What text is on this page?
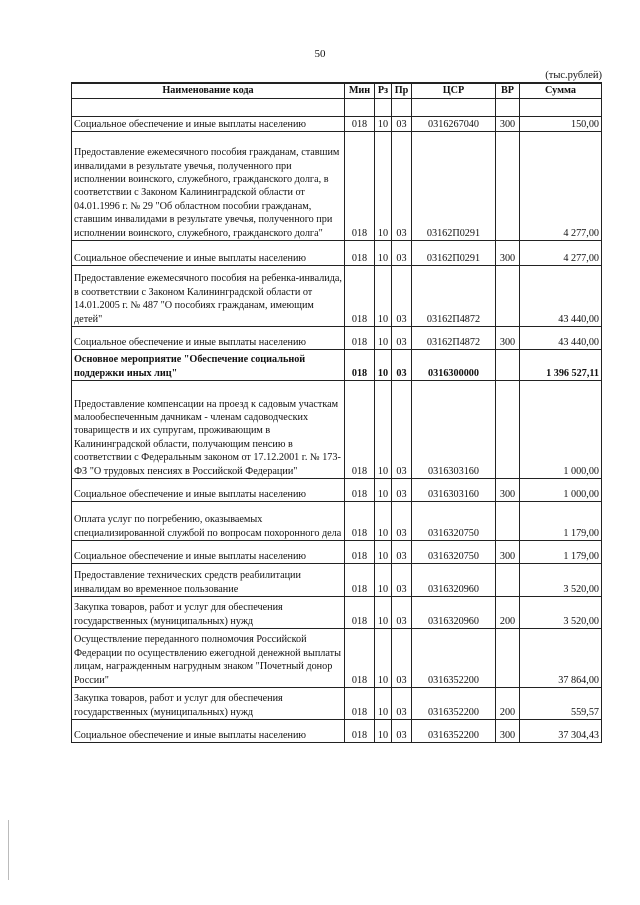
50
(тыс.рублей)
Наименование кода	Мин	Рз	Пр	ЦСР	ВР	Сумма

Социальное обеспечение и иные выплаты населению	018	10	03	0316267040	300	150,00
Предоставление ежемесячного пособия гражданам, ставшим инвалидами в результате увечья, полученного при исполнении воинского, служебного, гражданского долга, в соответствии с Законом Калининградской области от 04.01.1996 г. № 29 "Об областном пособии гражданам, ставшим инвалидами в результате увечья, полученного при исполнении воинского, служебного, гражданского долга"	018	10	03	03162П0291		4 277,00
Социальное обеспечение и иные выплаты населению	018	10	03	03162П0291	300	4 277,00
Предоставление ежемесячного пособия на ребенка-инвалида, в соответствии с Законом Калининградской области от 14.01.2005 г. № 487 "О пособиях гражданам, имеющим детей"	018	10	03	03162П4872		43 440,00
Социальное обеспечение и иные выплаты населению	018	10	03	03162П4872	300	43 440,00
Основное мероприятие "Обеспечение социальной поддержки иных лиц"	018	10	03	0316300000		1 396 527,11
Предоставление компенсации на проезд к садовым участкам малообеспеченным дачникам - членам садоводческих товариществ и их супругам, проживающим в Калининградской области, получающим пенсию в соответствии с Федеральным законом от 17.12.2001 г. № 173-ФЗ "О трудовых пенсиях в Российской Федерации"	018	10	03	0316303160		1 000,00
Социальное обеспечение и иные выплаты населению	018	10	03	0316303160	300	1 000,00
Оплата услуг по погребению, оказываемых специализированной службой по вопросам похоронного дела	018	10	03	0316320750		1 179,00
Социальное обеспечение и иные выплаты населению	018	10	03	0316320750	300	1 179,00
Предоставление технических средств реабилитации инвалидам во временное пользование	018	10	03	0316320960		3 520,00
Закупка товаров, работ и услуг для обеспечения государственных (муниципальных) нужд	018	10	03	0316320960	200	3 520,00
Осуществление переданного полномочия Российской Федерации по осуществлению ежегодной денежной выплаты лицам, награжденным нагрудным знаком "Почетный донор России"	018	10	03	0316352200		37 864,00
Закупка товаров, работ и услуг для обеспечения государственных (муниципальных) нужд	018	10	03	0316352200	200	559,57
Социальное обеспечение и иные выплаты населению	018	10	03	0316352200	300	37 304,43
